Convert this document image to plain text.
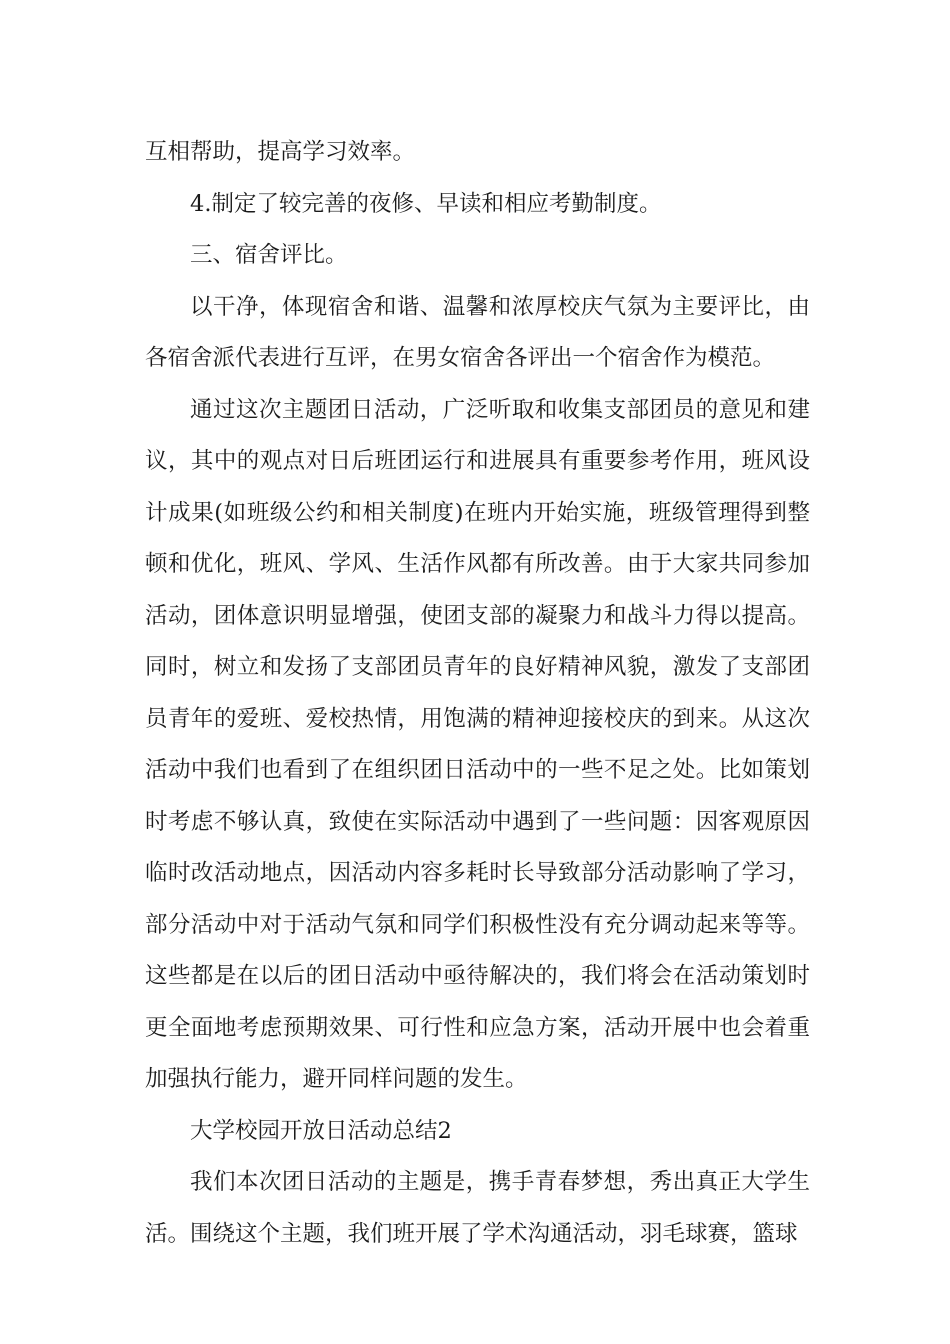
互相帮助，提高学习效率。

4.制定了较完善的夜修、早读和相应考勤制度。

三、宿舍评比。

以干净，体现宿舍和谐、温馨和浓厚校庆气氛为主要评比，由各宿舍派代表进行互评，在男女宿舍各评出一个宿舍作为模范。

通过这次主题团日活动，广泛听取和收集支部团员的意见和建议，其中的观点对日后班团运行和进展具有重要参考作用，班风设计成果(如班级公约和相关制度)在班内开始实施，班级管理得到整顿和优化，班风、学风、生活作风都有所改善。由于大家共同参加活动，团体意识明显增强，使团支部的凝聚力和战斗力得以提高。同时，树立和发扬了支部团员青年的良好精神风貌，激发了支部团员青年的爱班、爱校热情，用饱满的精神迎接校庆的到来。从这次活动中我们也看到了在组织团日活动中的一些不足之处。比如策划时考虑不够认真，致使在实际活动中遇到了一些问题：因客观原因临时改活动地点，因活动内容多耗时长导致部分活动影响了学习，部分活动中对于活动气氛和同学们积极性没有充分调动起来等等。这些都是在以后的团日活动中亟待解决的，我们将会在活动策划时更全面地考虑预期效果、可行性和应急方案，活动开展中也会着重加强执行能力，避开同样问题的发生。

大学校园开放日活动总结2

我们本次团日活动的主题是，携手青春梦想，秀出真正大学生活。围绕这个主题，我们班开展了学术沟通活动，羽毛球赛，篮球
